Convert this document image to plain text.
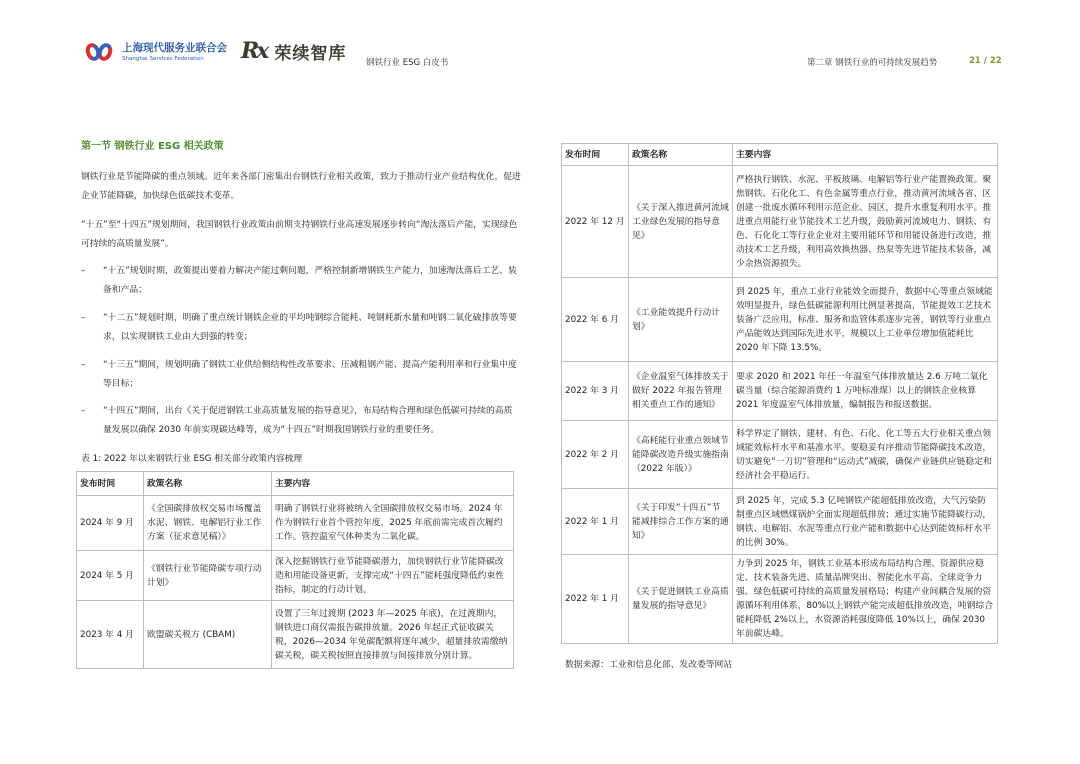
上海现代服务业联合会
Shanghai Services Federation	Rx 荣续智库 钢铁行业 ESG 白皮书	第二章 钢铁行业的可持续发展趋势	21 / 22
第一节 钢铁行业 ESG 相关政策
钢铁行业是节能降碳的重点领域。近年来各部门密集出台钢铁行业相关政策，致力于推动行业产业结构优化，促进企业节能降碳，加快绿色低碳技术变革。
“十五”至“十四五”规划期间，我国钢铁行业政策由前期支持钢铁行业高速发展逐步转向“淘汰落后产能，实现绿色可持续的高质量发展”。
– “十五”规划时期，政策提出要着力解决产能过剩问题，严格控制新增钢铁生产能力，加速淘汰落后工艺、装备和产品；
– “十二五”规划时期，明确了重点统计钢铁企业的平均吨钢综合能耗、吨钢耗新水量和吨钢二氧化硫排放等要求，以实现钢铁工业由大到强的转变；
– “十三五”期间，规划明确了钢铁工业供给侧结构性改革要求、压减粗钢产能、提高产能利用率和行业集中度等目标；
– “十四五”期间，出台《关于促进钢铁工业高质量发展的指导意见》，布局结构合理和绿色低碳可持续的高质量发展以确保 2030 年前实现碳达峰等，成为“十四五”时期我国钢铁行业的重要任务。
表 1: 2022 年以来钢铁行业 ESG 相关部分政策内容梳理
发布时间	政策名称	主要内容
2024 年 9 月	《全国碳排放权交易市场覆盖水泥、钢铁、电解铝行业工作方案（征求意见稿）》	明确了钢铁行业将被纳入全国碳排放权交易市场。2024 年作为钢铁行业首个管控年度，2025 年底前需完成首次履约工作。管控温室气体种类为二氧化碳。
2024 年 5 月	《钢铁行业节能降碳专项行动计划》	深入挖掘钢铁行业节能降碳潜力，加快钢铁行业节能降碳改造和用能设备更新，支撑完成“十四五”能耗强度降低约束性指标，制定的行动计划。
2023 年 4 月	欧盟碳关税方 (CBAM)	设置了三年过渡期 (2023 年—2025 年底)，在过渡期内，钢铁进口商仅需报告碳排放量。2026 年起正式征收碳关税，2026—2034 年免碳配额将逐年减少，超量排放需缴纳碳关税，碳关税按照直接排放与间接排放分别计算。
发布时间	政策名称	主要内容
2022 年 12 月	《关于深入推进黄河流域工业绿色发展的指导意见》	严格执行钢铁、水泥、平板玻璃、电解铝等行业产能置换政策。聚焦钢铁、石化化工、有色金属等重点行业，推动黄河流域各省、区创建一批废水循环利用示范企业、园区，提升水重复利用水平。推进重点用能行业节能技术工艺升级，鼓励黄河流域电力、钢铁、有色、石化化工等行业企业对主要用能环节和用能设备进行改造，推动技术工艺升级，利用高效换热器、热泵等先进节能技术装备，减少余热资源损失。
2022 年 6 月	《工业能效提升行动计划》	到 2025 年，重点工业行业能效全面提升，数据中心等重点领域能效明显提升，绿色低碳能源利用比例显著提高，节能提效工艺技术装备广泛应用，标准、服务和监管体系逐步完善，钢铁等行业重点产品能效达到国际先进水平，规模以上工业单位增加值能耗比 2020 年下降 13.5%。
2022 年 3 月	《企业温室气体排放关于做好 2022 年报告管理相关重点工作的通知》	要求 2020 和 2021 年任一年温室气体排放量达 2.6 万吨二氧化碳当量（综合能源消费约 1 万吨标准煤）以上的钢铁企业核算 2021 年度温室气体排放量，编制报告和报送数据。
2022 年 2 月	《高耗能行业重点领域节能降碳改造升级实施指南（2022 年版）》	科学界定了钢铁、建材、有色、石化、化工等五大行业相关重点领域能效标杆水平和基准水平。要稳妥有序推动节能降碳技术改造，切实避免“一刀切”管理和“运动式”减碳，确保产业链供应链稳定和经济社会平稳运行。
2022 年 1 月	《关于印发“十四五”节能减排综合工作方案的通知》	到 2025 年，完成 5.3 亿吨钢铁产能超低排放改造，大气污染防制重点区域燃煤锅炉全面实现超低排放；通过实施节能降碳行动，钢铁、电解铝、水泥等重点行业产能和数据中心达到能效标杆水平的比例 30%。
2022 年 1 月	《关于促进钢铁工业高质量发展的指导意见》	力争到 2025 年，钢铁工业基本形成布局结构合理、资源供应稳定、技术装备先进、质量品牌突出、智能化水平高、全球竞争力强、绿色低碳可持续的高质量发展格局；构建产业间耦合发展的资源循环利用体系，80%以上钢铁产能完成超低排放改造，吨钢综合能耗降低 2%以上，水资源消耗强度降低 10%以上，确保 2030 年前碳达峰。
数据来源：工业和信息化部、发改委等网站
